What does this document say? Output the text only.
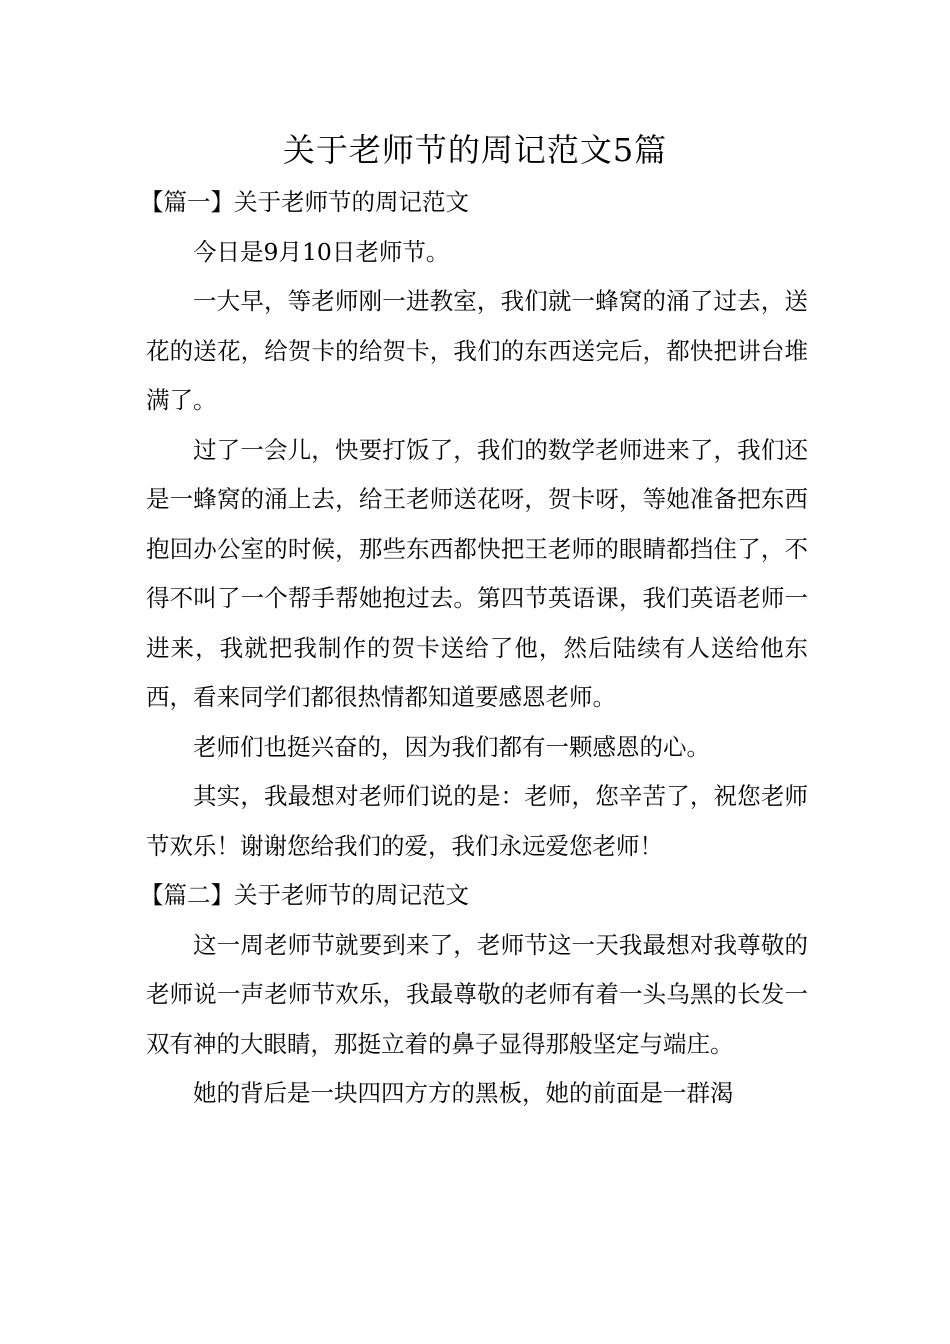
关于老师节的周记范文5篇

【篇一】关于老师节的周记范文

今日是9月10日老师节。

一大早，等老师刚一进教室，我们就一蜂窝的涌了过去，送花的送花，给贺卡的给贺卡，我们的东西送完后，都快把讲台堆满了。

过了一会儿，快要打饭了，我们的数学老师进来了，我们还是一蜂窝的涌上去，给王老师送花呀，贺卡呀，等她准备把东西抱回办公室的时候，那些东西都快把王老师的眼睛都挡住了，不得不叫了一个帮手帮她抱过去。第四节英语课，我们英语老师一进来，我就把我制作的贺卡送给了他，然后陆续有人送给他东西，看来同学们都很热情都知道要感恩老师。

老师们也挺兴奋的，因为我们都有一颗感恩的心。

其实，我最想对老师们说的是：老师，您辛苦了，祝您老师节欢乐！谢谢您给我们的爱，我们永远爱您老师！

【篇二】关于老师节的周记范文

这一周老师节就要到来了，老师节这一天我最想对我尊敬的老师说一声老师节欢乐，我最尊敬的老师有着一头乌黑的长发一双有神的大眼睛，那挺立着的鼻子显得那般坚定与端庄。

她的背后是一块四四方方的黑板，她的前面是一群渴
